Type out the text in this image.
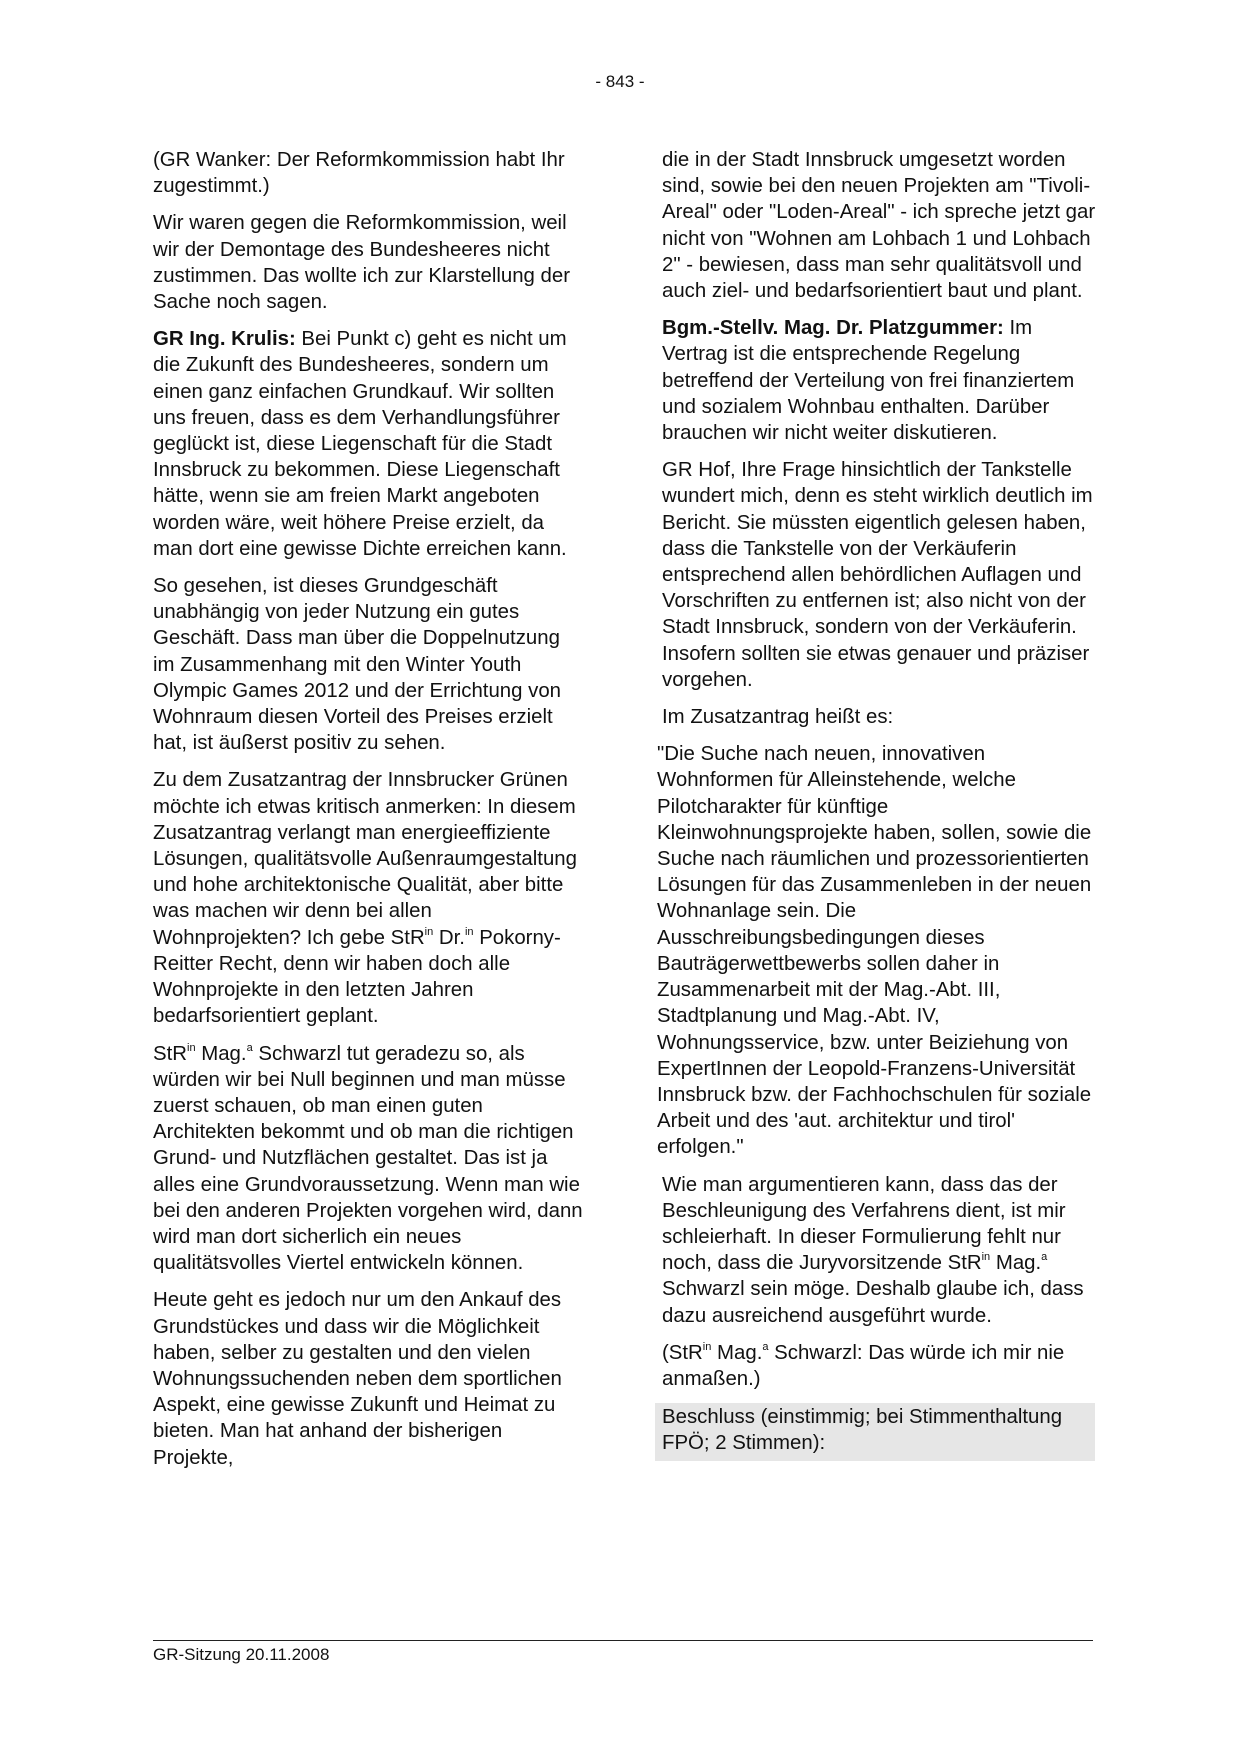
- 843 -

(GR Wanker: Der Reformkommission habt Ihr zugestimmt.)

Wir waren gegen die Reformkommission, weil wir der Demontage des Bundesheeres nicht zustimmen. Das wollte ich zur Klarstellung der Sache noch sagen.

GR Ing. Krulis: Bei Punkt c) geht es nicht um die Zukunft des Bundesheeres, sondern um einen ganz einfachen Grundkauf. Wir sollten uns freuen, dass es dem Verhandlungsführer geglückt ist, diese Liegenschaft für die Stadt Innsbruck zu bekommen. Diese Liegenschaft hätte, wenn sie am freien Markt angeboten worden wäre, weit höhere Preise erzielt, da man dort eine gewisse Dichte erreichen kann.

So gesehen, ist dieses Grundgeschäft unabhängig von jeder Nutzung ein gutes Geschäft. Dass man über die Doppelnutzung im Zusammenhang mit den Winter Youth Olympic Games 2012 und der Errichtung von Wohnraum diesen Vorteil des Preises erzielt hat, ist äußerst positiv zu sehen.

Zu dem Zusatzantrag der Innsbrucker Grünen möchte ich etwas kritisch anmerken: In diesem Zusatzantrag verlangt man energieeffiziente Lösungen, qualitätsvolle Außenraumgestaltung und hohe architektonische Qualität, aber bitte was machen wir denn bei allen Wohnprojekten? Ich gebe StR$^{in}$ Dr.$^{in}$ Pokorny-Reitter Recht, denn wir haben doch alle Wohnprojekte in den letzten Jahren bedarfsorientiert geplant.

StR$^{in}$ Mag.$^a$ Schwarzl tut geradezu so, als würden wir bei Null beginnen und man müsse zuerst schauen, ob man einen guten Architekten bekommt und ob man die richtigen Grund- und Nutzflächen gestaltet. Das ist ja alles eine Grundvoraussetzung. Wenn man wie bei den anderen Projekten vorgehen wird, dann wird man dort sicherlich ein neues qualitätsvolles Viertel entwickeln können.

Heute geht es jedoch nur um den Ankauf des Grundstückes und dass wir die Möglichkeit haben, selber zu gestalten und den vielen Wohnungssuchenden neben dem sportlichen Aspekt, eine gewisse Zukunft und Heimat zu bieten. Man hat anhand der bisherigen Projekte,

die in der Stadt Innsbruck umgesetzt worden sind, sowie bei den neuen Projekten am "Tivoli-Areal" oder "Loden-Areal" - ich spreche jetzt gar nicht von "Wohnen am Lohbach 1 und Lohbach 2" - bewiesen, dass man sehr qualitätsvoll und auch ziel- und bedarfsorientiert baut und plant.

Bgm.-Stellv. Mag. Dr. Platzgummer: Im Vertrag ist die entsprechende Regelung betreffend der Verteilung von frei finanziertem und sozialem Wohnbau enthalten. Darüber brauchen wir nicht weiter diskutieren.

GR Hof, Ihre Frage hinsichtlich der Tankstelle wundert mich, denn es steht wirklich deutlich im Bericht. Sie müssten eigentlich gelesen haben, dass die Tankstelle von der Verkäuferin entsprechend allen behördlichen Auflagen und Vorschriften zu entfernen ist; also nicht von der Stadt Innsbruck, sondern von der Verkäuferin. Insofern sollten sie etwas genauer und präziser vorgehen.

Im Zusatzantrag heißt es:

"Die Suche nach neuen, innovativen Wohnformen für Alleinstehende, welche Pilotcharakter für künftige Kleinwohnungsprojekte haben, sollen, sowie die Suche nach räumlichen und prozessorientierten Lösungen für das Zusammenleben in der neuen Wohnanlage sein. Die Ausschreibungsbedingungen dieses Bauträgerwettbewerbs sollen daher in Zusammenarbeit mit der Mag.-Abt. III, Stadtplanung und Mag.-Abt. IV, Wohnungsservice, bzw. unter Beiziehung von ExpertInnen der Leopold-Franzens-Universität Innsbruck bzw. der Fachhochschulen für soziale Arbeit und des 'aut. architektur und tirol' erfolgen."

Wie man argumentieren kann, dass das der Beschleunigung des Verfahrens dient, ist mir schleierhaft. In dieser Formulierung fehlt nur noch, dass die Juryvorsitzende StR$^{in}$ Mag.$^a$ Schwarzl sein möge. Deshalb glaube ich, dass dazu ausreichend ausgeführt wurde.

(StR$^{in}$ Mag.$^a$ Schwarzl: Das würde ich mir nie anmaßen.)

Beschluss (einstimmig; bei Stimmenthaltung FPÖ; 2 Stimmen):

GR-Sitzung 20.11.2008
